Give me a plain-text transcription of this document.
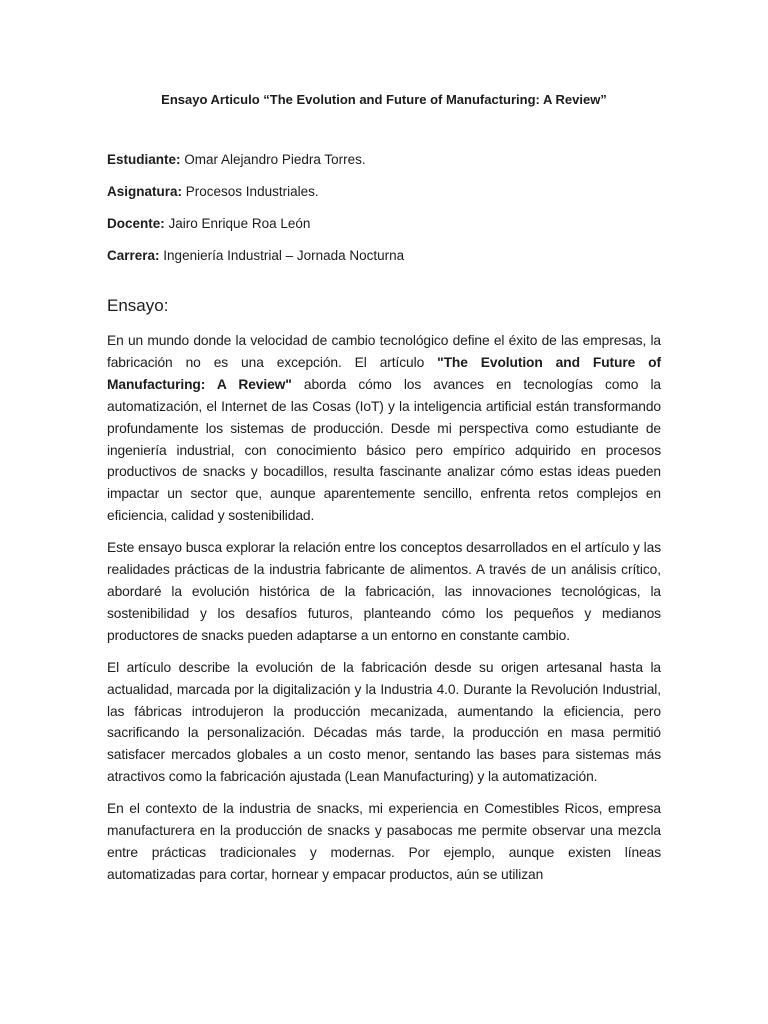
Ensayo Articulo “The Evolution and Future of Manufacturing: A Review”
Estudiante: Omar Alejandro Piedra Torres.
Asignatura: Procesos Industriales.
Docente: Jairo Enrique Roa León
Carrera: Ingeniería Industrial – Jornada Nocturna
Ensayo:

En un mundo donde la velocidad de cambio tecnológico define el éxito de las empresas, la fabricación no es una excepción. El artículo "The Evolution and Future of Manufacturing: A Review" aborda cómo los avances en tecnologías como la automatización, el Internet de las Cosas (IoT) y la inteligencia artificial están transformando profundamente los sistemas de producción. Desde mi perspectiva como estudiante de ingeniería industrial, con conocimiento básico pero empírico adquirido en procesos productivos de snacks y bocadillos, resulta fascinante analizar cómo estas ideas pueden impactar un sector que, aunque aparentemente sencillo, enfrenta retos complejos en eficiencia, calidad y sostenibilidad.

Este ensayo busca explorar la relación entre los conceptos desarrollados en el artículo y las realidades prácticas de la industria fabricante de alimentos. A través de un análisis crítico, abordaré la evolución histórica de la fabricación, las innovaciones tecnológicas, la sostenibilidad y los desafíos futuros, planteando cómo los pequeños y medianos productores de snacks pueden adaptarse a un entorno en constante cambio.

El artículo describe la evolución de la fabricación desde su origen artesanal hasta la actualidad, marcada por la digitalización y la Industria 4.0. Durante la Revolución Industrial, las fábricas introdujeron la producción mecanizada, aumentando la eficiencia, pero sacrificando la personalización. Décadas más tarde, la producción en masa permitió satisfacer mercados globales a un costo menor, sentando las bases para sistemas más atractivos como la fabricación ajustada (Lean Manufacturing) y la automatización.

En el contexto de la industria de snacks, mi experiencia en Comestibles Ricos, empresa manufacturera en la producción de snacks y pasabocas me permite observar una mezcla entre prácticas tradicionales y modernas. Por ejemplo, aunque existen líneas automatizadas para cortar, hornear y empacar productos, aún se utilizan
